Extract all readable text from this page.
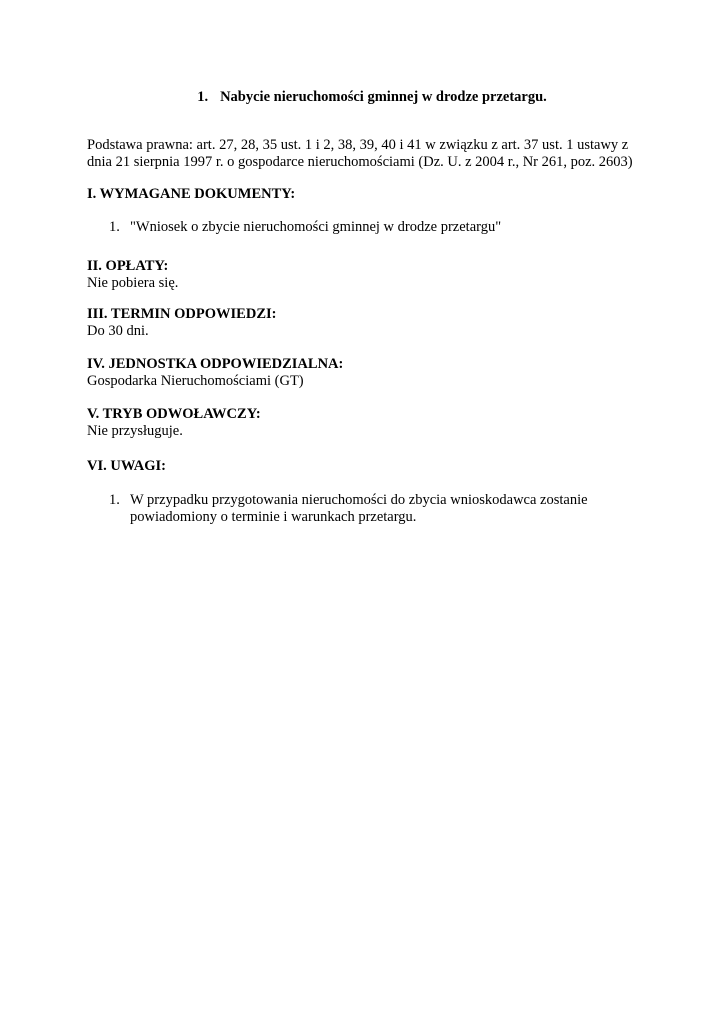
1. Nabycie nieruchomości gminnej w drodze przetargu.
Podstawa prawna: art. 27, 28, 35 ust. 1 i 2, 38, 39, 40 i 41 w związku z art. 37 ust. 1 ustawy z
dnia 21 sierpnia 1997 r. o gospodarce nieruchomościami (Dz. U. z 2004 r., Nr 261, poz. 2603)
I. WYMAGANE DOKUMENTY:
1. "Wniosek o zbycie nieruchomości gminnej w drodze przetargu"
II. OPŁATY:
Nie pobiera się.
III. TERMIN ODPOWIEDZI:
Do 30 dni.
IV. JEDNOSTKA ODPOWIEDZIALNA:
Gospodarka Nieruchomościami (GT)
V. TRYB ODWOŁAWCZY:
Nie przysługuje.
VI. UWAGI:
1. W przypadku przygotowania nieruchomości do zbycia wnioskodawca zostanie
powiadomiony o terminie i warunkach przetargu.
